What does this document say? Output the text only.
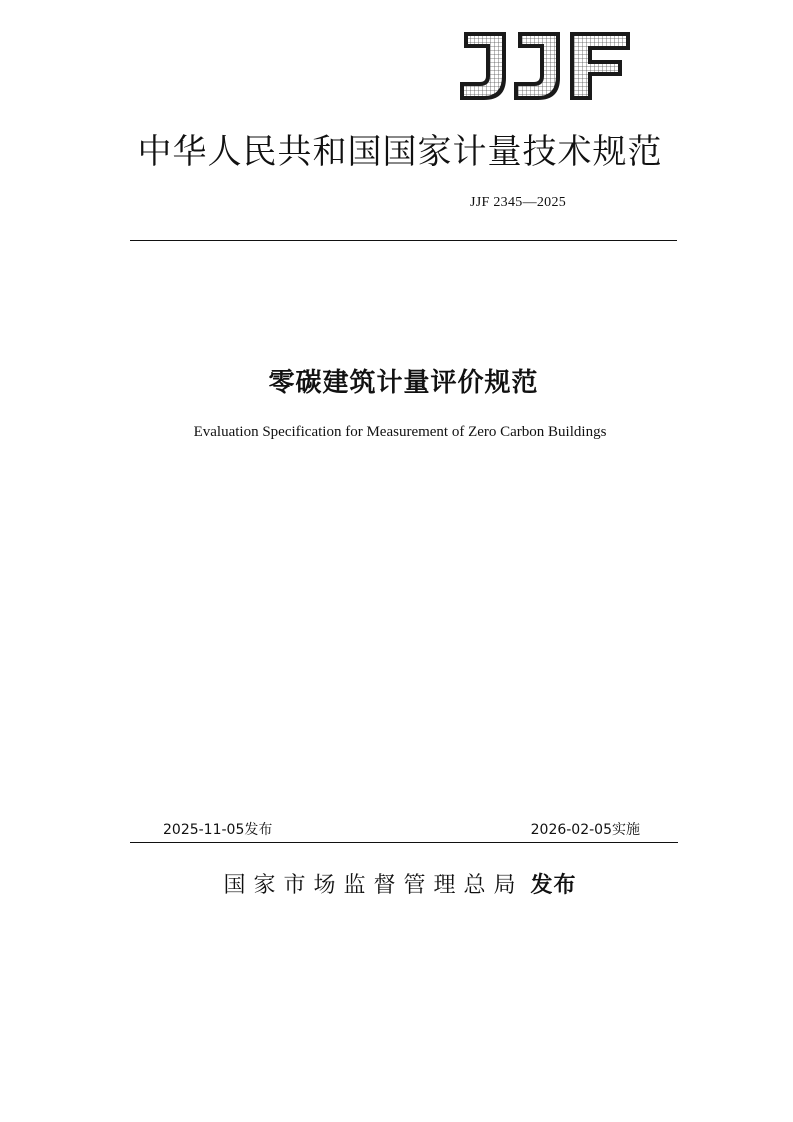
中华人民共和国国家计量技术规范
JJF 2345—2025
零碳建筑计量评价规范
Evaluation Specification for Measurement of Zero Carbon Buildings
2025-11-05发布	2026-02-05实施
国家市场监督管理总局 发布
